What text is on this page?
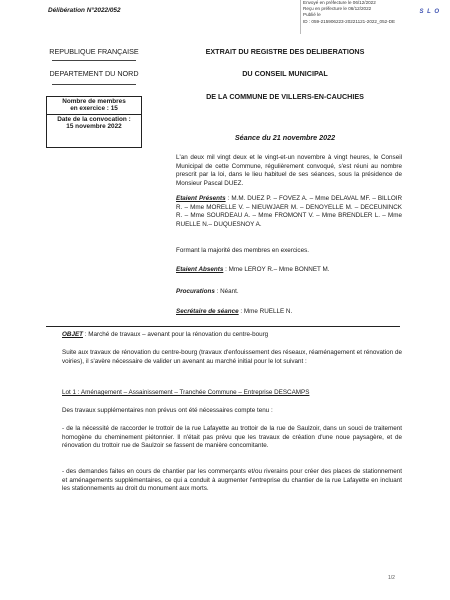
Délibération N°2022/052
Envoyé en préfecture le 06/12/2022
Reçu en préfecture le 06/12/2022
Publié le
ID : 059-215906223-20221121-2022_052-DE
S L O
REPUBLIQUE FRANÇAISE
DEPARTEMENT DU NORD
Nombre de membres
en exercice : 15
Date de la convocation :
15 novembre 2022
EXTRAIT DU REGISTRE DES DELIBERATIONS
DU CONSEIL MUNICIPAL
DE LA COMMUNE DE VILLERS-EN-CAUCHIES
Séance du 21 novembre 2022
L'an deux mil vingt deux et le vingt-et-un novembre à vingt heures, le Conseil Municipal de cette Commune, régulièrement convoqué, s'est réuni au nombre prescrit par la loi, dans le lieu habituel de ses séances, sous la présidence de Monsieur Pascal DUEZ.
Etaient Présents : M.M. DUEZ P. – FOVEZ A. – Mme DELAVAL MF. – BILLOIR R. – Mme MORELLE V. – NIEUWJAER M. – DENOYELLE M. – DECEUNINCK R. – Mme SOURDEAU A. – Mme FROMONT V. – Mme BRENDLER L. – Mme RUELLE N.– DUQUESNOY A.
Formant la majorité des membres en exercices.
Etaient Absents : Mme LEROY R.– Mme BONNET M.
Procurations : Néant.
Secrétaire de séance : Mme RUELLE N.
OBJET : Marché de travaux – avenant pour la rénovation du centre-bourg
Suite aux travaux de rénovation du centre-bourg (travaux d'enfouissement des réseaux, réaménagement et rénovation de voiries), il s'avère nécessaire de valider un avenant au marché initial pour le lot suivant :
Lot 1 : Aménagement – Assainissement – Tranchée Commune – Entreprise DESCAMPS
Des travaux supplémentaires non prévus ont été nécessaires compte tenu :
- de la nécessité de raccorder le trottoir de la rue Lafayette au trottoir de la rue de Saulzoir, dans un souci de traitement homogène du cheminement piétonnier. Il n'était pas prévu que les travaux de création d'une noue paysagère, et de rénovation du trottoir rue de Saulzoir se fassent de manière concomitante.
- des demandes faites en cours de chantier par les commerçants et/ou riverains pour créer des places de stationnement et aménagements supplémentaires, ce qui a conduit à augmenter l'entreprise du chantier de la rue Lafayette en incluant les stationnements au droit du monument aux morts.
1/2
